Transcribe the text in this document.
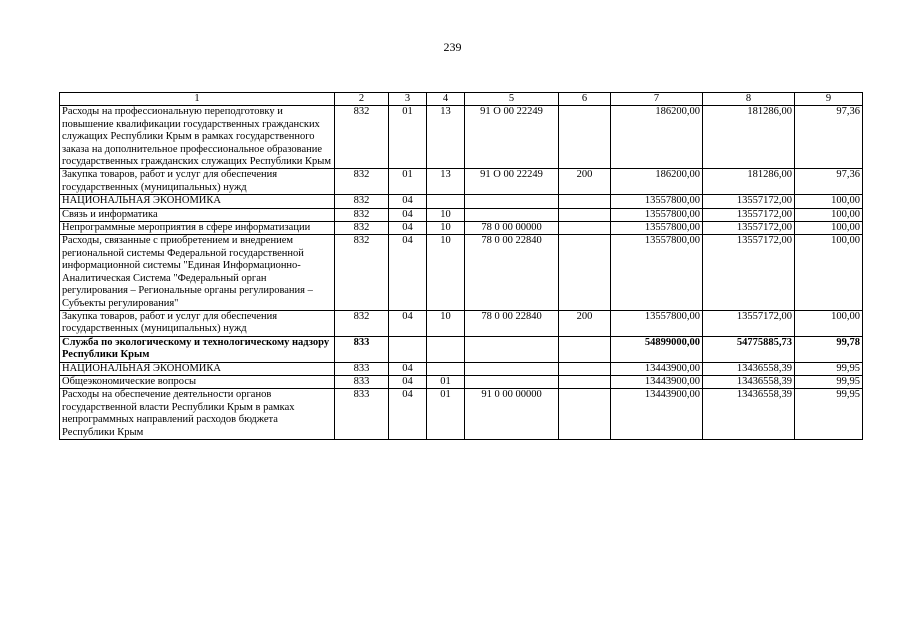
239
1	2	3	4	5	6	7	8	9
Расходы на профессиональную переподготовку и повышение квалификации государственных гражданских служащих Республики Крым в рамках государственного заказа на дополнительное профессиональное образование государственных гражданских служащих Республики Крым	832	01	13	91 О 00 22249		186200,00	181286,00	97,36
Закупка товаров, работ и услуг для обеспечения государственных (муниципальных) нужд	832	01	13	91 О 00 22249	200	186200,00	181286,00	97,36
НАЦИОНАЛЬНАЯ ЭКОНОМИКА	832	04				13557800,00	13557172,00	100,00
Связь и информатика	832	04	10			13557800,00	13557172,00	100,00
Непрограммные мероприятия в сфере информатизации	832	04	10	78 0 00 00000		13557800,00	13557172,00	100,00
Расходы, связанные с приобретением и внедрением региональной системы Федеральной государственной информационной системы "Единая Информационно-Аналитическая Система "Федеральный орган регулирования – Региональные органы регулирования – Субъекты регулирования"	832	04	10	78 0 00 22840		13557800,00	13557172,00	100,00
Закупка товаров, работ и услуг для обеспечения государственных (муниципальных) нужд	832	04	10	78 0 00 22840	200	13557800,00	13557172,00	100,00
Служба по экологическому и технологическому надзору Республики Крым	833					54899000,00	54775885,73	99,78
НАЦИОНАЛЬНАЯ ЭКОНОМИКА	833	04				13443900,00	13436558,39	99,95
Общеэкономические вопросы	833	04	01			13443900,00	13436558,39	99,95
Расходы на обеспечение деятельности органов государственной власти Республики Крым в рамках непрограммных направлений расходов бюджета Республики Крым	833	04	01	91 0 00 00000		13443900,00	13436558,39	99,95
